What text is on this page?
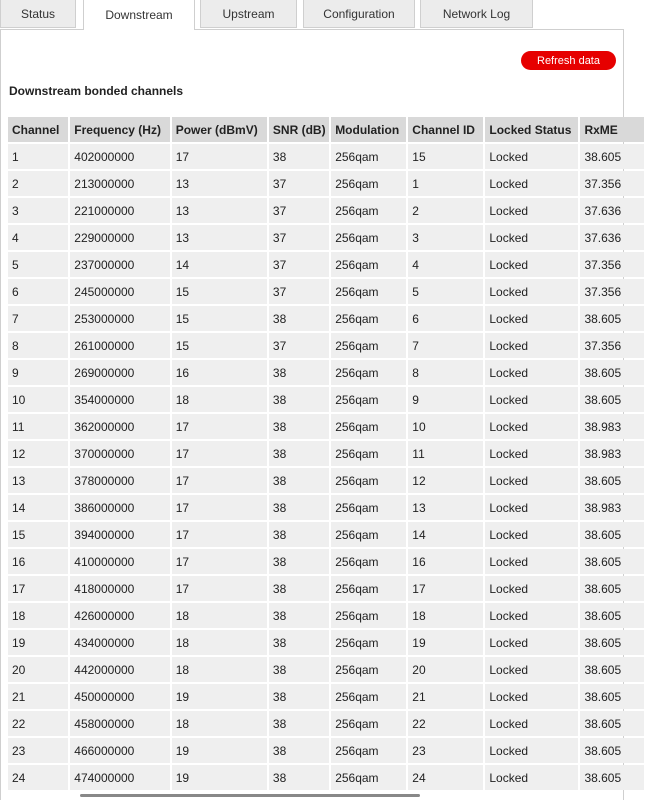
Status	Downstream	Upstream	Configuration	Network Log
Refresh data
Downstream bonded channels
Channel	Frequency (Hz)	Power (dBmV)	SNR (dB)	Modulation	Channel ID	Locked Status	RxME
1	402000000	17	38	256qam	15	Locked	38.605
2	213000000	13	37	256qam	1	Locked	37.356
3	221000000	13	37	256qam	2	Locked	37.636
4	229000000	13	37	256qam	3	Locked	37.636
5	237000000	14	37	256qam	4	Locked	37.356
6	245000000	15	37	256qam	5	Locked	37.356
7	253000000	15	38	256qam	6	Locked	38.605
8	261000000	15	37	256qam	7	Locked	37.356
9	269000000	16	38	256qam	8	Locked	38.605
10	354000000	18	38	256qam	9	Locked	38.605
11	362000000	17	38	256qam	10	Locked	38.983
12	370000000	17	38	256qam	11	Locked	38.983
13	378000000	17	38	256qam	12	Locked	38.605
14	386000000	17	38	256qam	13	Locked	38.983
15	394000000	17	38	256qam	14	Locked	38.605
16	410000000	17	38	256qam	16	Locked	38.605
17	418000000	17	38	256qam	17	Locked	38.605
18	426000000	18	38	256qam	18	Locked	38.605
19	434000000	18	38	256qam	19	Locked	38.605
20	442000000	18	38	256qam	20	Locked	38.605
21	450000000	19	38	256qam	21	Locked	38.605
22	458000000	18	38	256qam	22	Locked	38.605
23	466000000	19	38	256qam	23	Locked	38.605
24	474000000	19	38	256qam	24	Locked	38.605
